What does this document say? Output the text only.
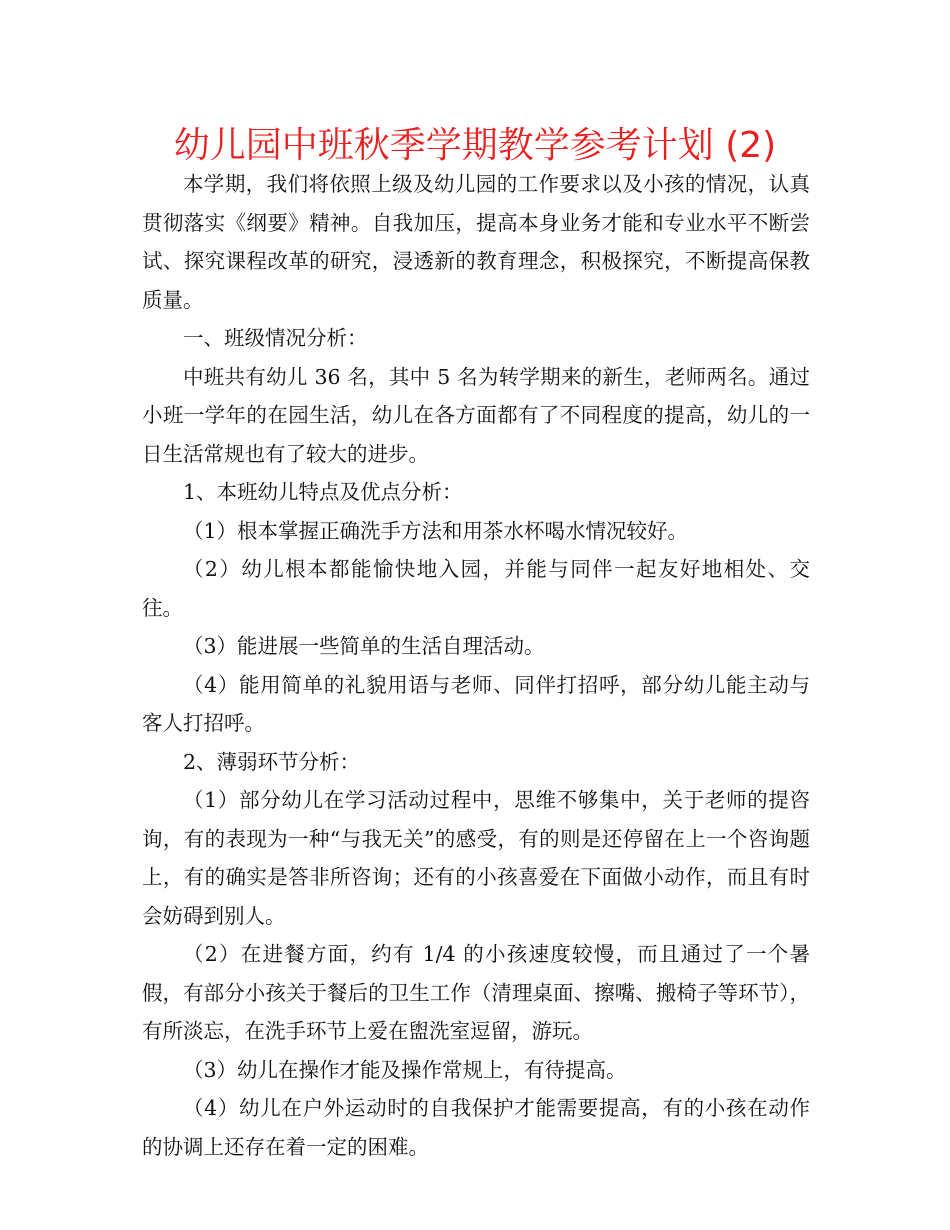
幼儿园中班秋季学期教学参考计划 (2)

本学期，我们将依照上级及幼儿园的工作要求以及小孩的情况，认真贯彻落实《纲要》精神。自我加压，提高本身业务才能和专业水平不断尝试、探究课程改革的研究，浸透新的教育理念，积极探究，不断提高保教质量。

一、班级情况分析：

中班共有幼儿 36 名，其中 5 名为转学期来的新生，老师两名。通过小班一学年的在园生活，幼儿在各方面都有了不同程度的提高，幼儿的一日生活常规也有了较大的进步。

1、本班幼儿特点及优点分析：

（1）根本掌握正确洗手方法和用茶水杯喝水情况较好。

（2）幼儿根本都能愉快地入园，并能与同伴一起友好地相处、交往。

（3）能进展一些简单的生活自理活动。

（4）能用简单的礼貌用语与老师、同伴打招呼，部分幼儿能主动与客人打招呼。

2、薄弱环节分析：

（1）部分幼儿在学习活动过程中，思维不够集中，关于老师的提咨询，有的表现为一种“与我无关”的感受，有的则是还停留在上一个咨询题上，有的确实是答非所咨询；还有的小孩喜爱在下面做小动作，而且有时会妨碍到别人。

（2）在进餐方面，约有 1/4 的小孩速度较慢，而且通过了一个暑假，有部分小孩关于餐后的卫生工作（清理桌面、擦嘴、搬椅子等环节），有所淡忘，在洗手环节上爱在盥洗室逗留，游玩。

（3）幼儿在操作才能及操作常规上，有待提高。

（4）幼儿在户外运动时的自我保护才能需要提高，有的小孩在动作的协调上还存在着一定的困难。
